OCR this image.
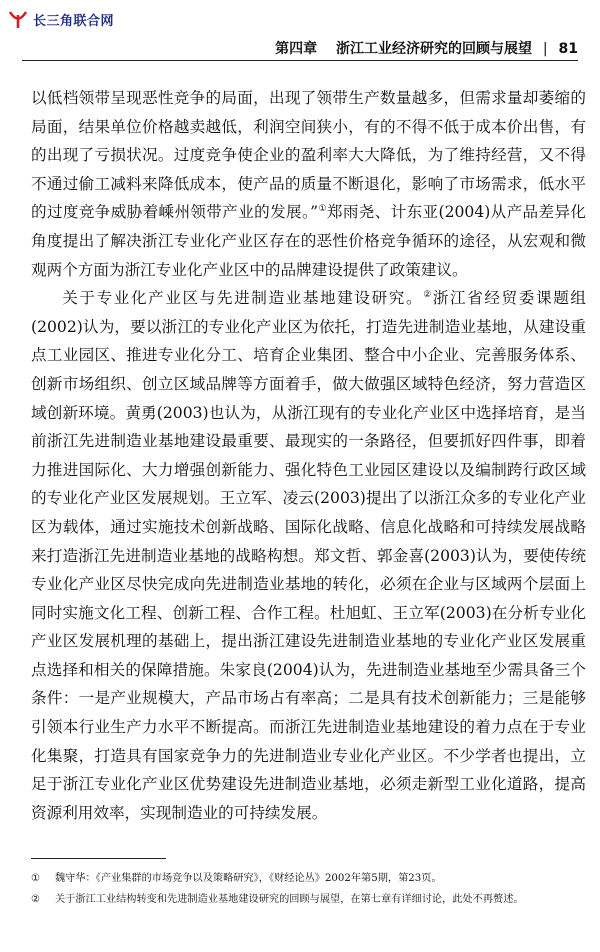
长三角联合网
第四章 浙江工业经济研究的回顾与展望 | 81

以低档领带呈现恶性竞争的局面，出现了领带生产数量越多，但需求量却萎缩的局面，结果单位价格越卖越低，利润空间狭小，有的不得不低于成本价出售，有的出现了亏损状况。过度竞争使企业的盈利率大大降低，为了维持经营，又不得不通过偷工减料来降低成本，使产品的质量不断退化，影响了市场需求，低水平的过度竞争威胁着嵊州领带产业的发展。”①郑雨尧、计东亚(2004)从产品差异化角度提出了解决浙江专业化产业区存在的恶性价格竞争循环的途径，从宏观和微观两个方面为浙江专业化产业区中的品牌建设提供了政策建议。

关于专业化产业区与先进制造业基地建设研究。②浙江省经贸委课题组(2002)认为，要以浙江的专业化产业区为依托，打造先进制造业基地，从建设重点工业园区、推进专业化分工、培育企业集团、整合中小企业、完善服务体系、创新市场组织、创立区域品牌等方面着手，做大做强区域特色经济，努力营造区域创新环境。黄勇(2003)也认为，从浙江现有的专业化产业区中选择培育，是当前浙江先进制造业基地建设最重要、最现实的一条路径，但要抓好四件事，即着力推进国际化、大力增强创新能力、强化特色工业园区建设以及编制跨行政区域的专业化产业区发展规划。王立军、凌云(2003)提出了以浙江众多的专业化产业区为载体，通过实施技术创新战略、国际化战略、信息化战略和可持续发展战略来打造浙江先进制造业基地的战略构想。郑文哲、郭金喜(2003)认为，要使传统专业化产业区尽快完成向先进制造业基地的转化，必须在企业与区域两个层面上同时实施文化工程、创新工程、合作工程。杜旭虹、王立军(2003)在分析专业化产业区发展机理的基础上，提出浙江建设先进制造业基地的专业化产业区发展重点选择和相关的保障措施。朱家良(2004)认为，先进制造业基地至少需具备三个条件：一是产业规模大，产品市场占有率高；二是具有技术创新能力；三是能够引领本行业生产力水平不断提高。而浙江先进制造业基地建设的着力点在于专业化集聚，打造具有国家竞争力的先进制造业专业化产业区。不少学者也提出，立足于浙江专业化产业区优势建设先进制造业基地，必须走新型工业化道路，提高资源利用效率，实现制造业的可持续发展。

①	魏守华：《产业集群的市场竞争以及策略研究》，《财经论丛》2002年第5期，第23页。
②	关于浙江工业结构转变和先进制造业基地建设研究的回顾与展望，在第七章有详细讨论，此处不再赘述。
